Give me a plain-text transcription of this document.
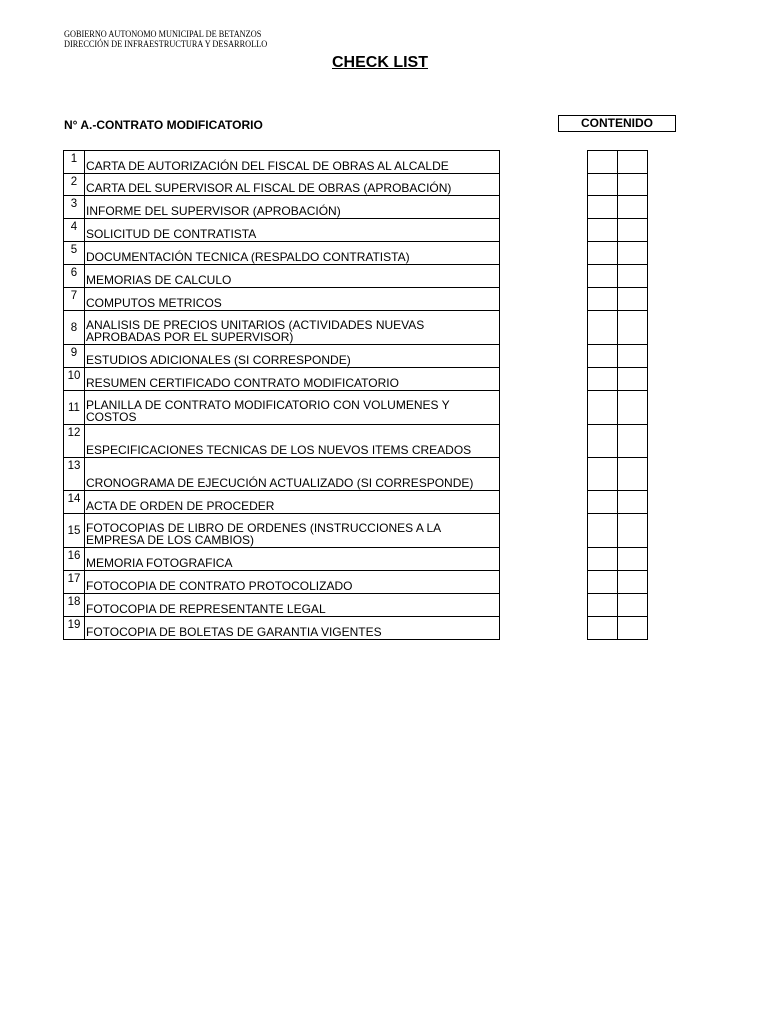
GOBIERNO AUTONOMO MUNICIPAL DE BETANZOS
DIRECCIÓN DE INFRAESTRUCTURA Y DESARROLLO
CHECK LIST
N° A.-CONTRATO MODIFICATORIO	CONTENIDO
1	CARTA DE AUTORIZACIÓN DEL FISCAL DE OBRAS AL ALCALDE
2	CARTA DEL SUPERVISOR AL FISCAL DE OBRAS (APROBACIÓN)
3	INFORME DEL SUPERVISOR (APROBACIÓN)
4	SOLICITUD DE CONTRATISTA
5	DOCUMENTACIÓN TECNICA (RESPALDO CONTRATISTA)
6	MEMORIAS DE CALCULO
7	COMPUTOS METRICOS
8	ANALISIS DE PRECIOS UNITARIOS (ACTIVIDADES NUEVAS APROBADAS POR EL SUPERVISOR)
9	ESTUDIOS ADICIONALES (SI CORRESPONDE)
10	RESUMEN CERTIFICADO CONTRATO MODIFICATORIO
11	PLANILLA DE CONTRATO MODIFICATORIO CON VOLUMENES Y COSTOS
12	ESPECIFICACIONES TECNICAS DE LOS NUEVOS ITEMS CREADOS
13	CRONOGRAMA DE EJECUCIÓN ACTUALIZADO (SI CORRESPONDE)
14	ACTA DE ORDEN DE PROCEDER
15	FOTOCOPIAS DE LIBRO DE ORDENES (INSTRUCCIONES A LA EMPRESA DE LOS CAMBIOS)
16	MEMORIA FOTOGRAFICA
17	FOTOCOPIA DE CONTRATO PROTOCOLIZADO
18	FOTOCOPIA DE REPRESENTANTE LEGAL
19	FOTOCOPIA DE BOLETAS DE GARANTIA VIGENTES
